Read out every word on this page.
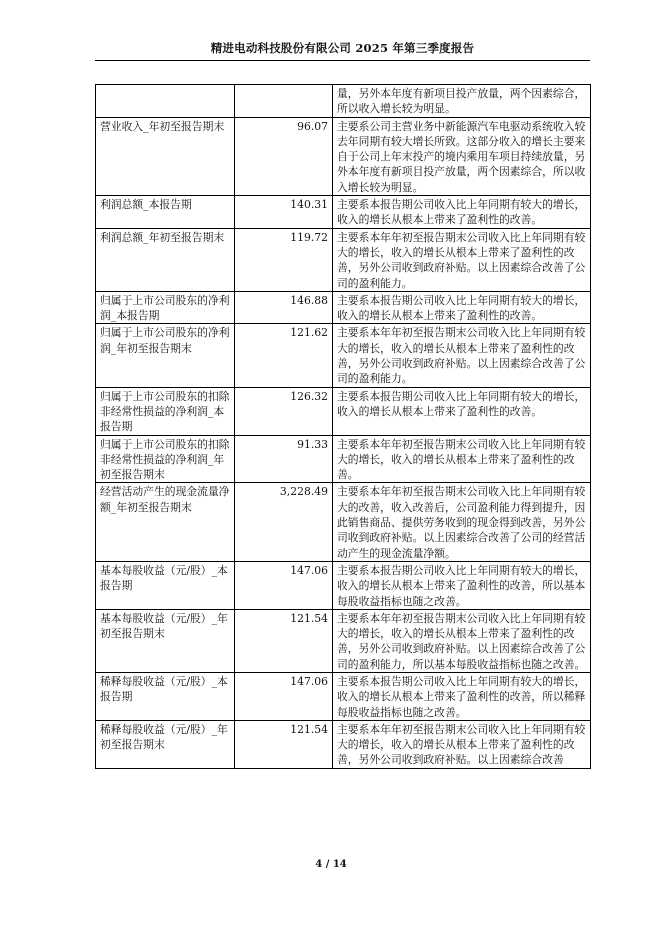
精进电动科技股份有限公司 2025 年第三季度报告
		量，另外本年度有新项目投产放量，两个因素综合，所以收入增长较为明显。
营业收入_年初至报告期末	96.07	主要系公司主营业务中新能源汽车电驱动系统收入较去年同期有较大增长所致。这部分收入的增长主要来自于公司上年末投产的境内乘用车项目持续放量，另外本年度有新项目投产放量，两个因素综合，所以收入增长较为明显。
利润总额_本报告期	140.31	主要系本报告期公司收入比上年同期有较大的增长，收入的增长从根本上带来了盈利性的改善。
利润总额_年初至报告期末	119.72	主要系本年年初至报告期末公司收入比上年同期有较大的增长，收入的增长从根本上带来了盈利性的改善，另外公司收到政府补贴。以上因素综合改善了公司的盈利能力。
归属于上市公司股东的净利润_本报告期	146.88	主要系本报告期公司收入比上年同期有较大的增长，收入的增长从根本上带来了盈利性的改善。
归属于上市公司股东的净利润_年初至报告期末	121.62	主要系本年年初至报告期末公司收入比上年同期有较大的增长，收入的增长从根本上带来了盈利性的改善，另外公司收到政府补贴。以上因素综合改善了公司的盈利能力。
归属于上市公司股东的扣除非经常性损益的净利润_本报告期	126.32	主要系本报告期公司收入比上年同期有较大的增长，收入的增长从根本上带来了盈利性的改善。
归属于上市公司股东的扣除非经常性损益的净利润_年初至报告期末	91.33	主要系本年年初至报告期末公司收入比上年同期有较大的增长，收入的增长从根本上带来了盈利性的改善。
经营活动产生的现金流量净额_年初至报告期末	3,228.49	主要系本年年初至报告期末公司收入比上年同期有较大的改善，收入改善后，公司盈利能力得到提升，因此销售商品、提供劳务收到的现金得到改善，另外公司收到政府补贴。以上因素综合改善了公司的经营活动产生的现金流量净额。
基本每股收益（元/股）_本报告期	147.06	主要系本报告期公司收入比上年同期有较大的增长，收入的增长从根本上带来了盈利性的改善，所以基本每股收益指标也随之改善。
基本每股收益（元/股）_年初至报告期末	121.54	主要系本年年初至报告期末公司收入比上年同期有较大的增长，收入的增长从根本上带来了盈利性的改善，另外公司收到政府补贴。以上因素综合改善了公司的盈利能力，所以基本每股收益指标也随之改善。
稀释每股收益（元/股）_本报告期	147.06	主要系本报告期公司收入比上年同期有较大的增长，收入的增长从根本上带来了盈利性的改善，所以稀释每股收益指标也随之改善。
稀释每股收益（元/股）_年初至报告期末	121.54	主要系本年年初至报告期末公司收入比上年同期有较大的增长，收入的增长从根本上带来了盈利性的改善，另外公司收到政府补贴。以上因素综合改善
4 / 14
